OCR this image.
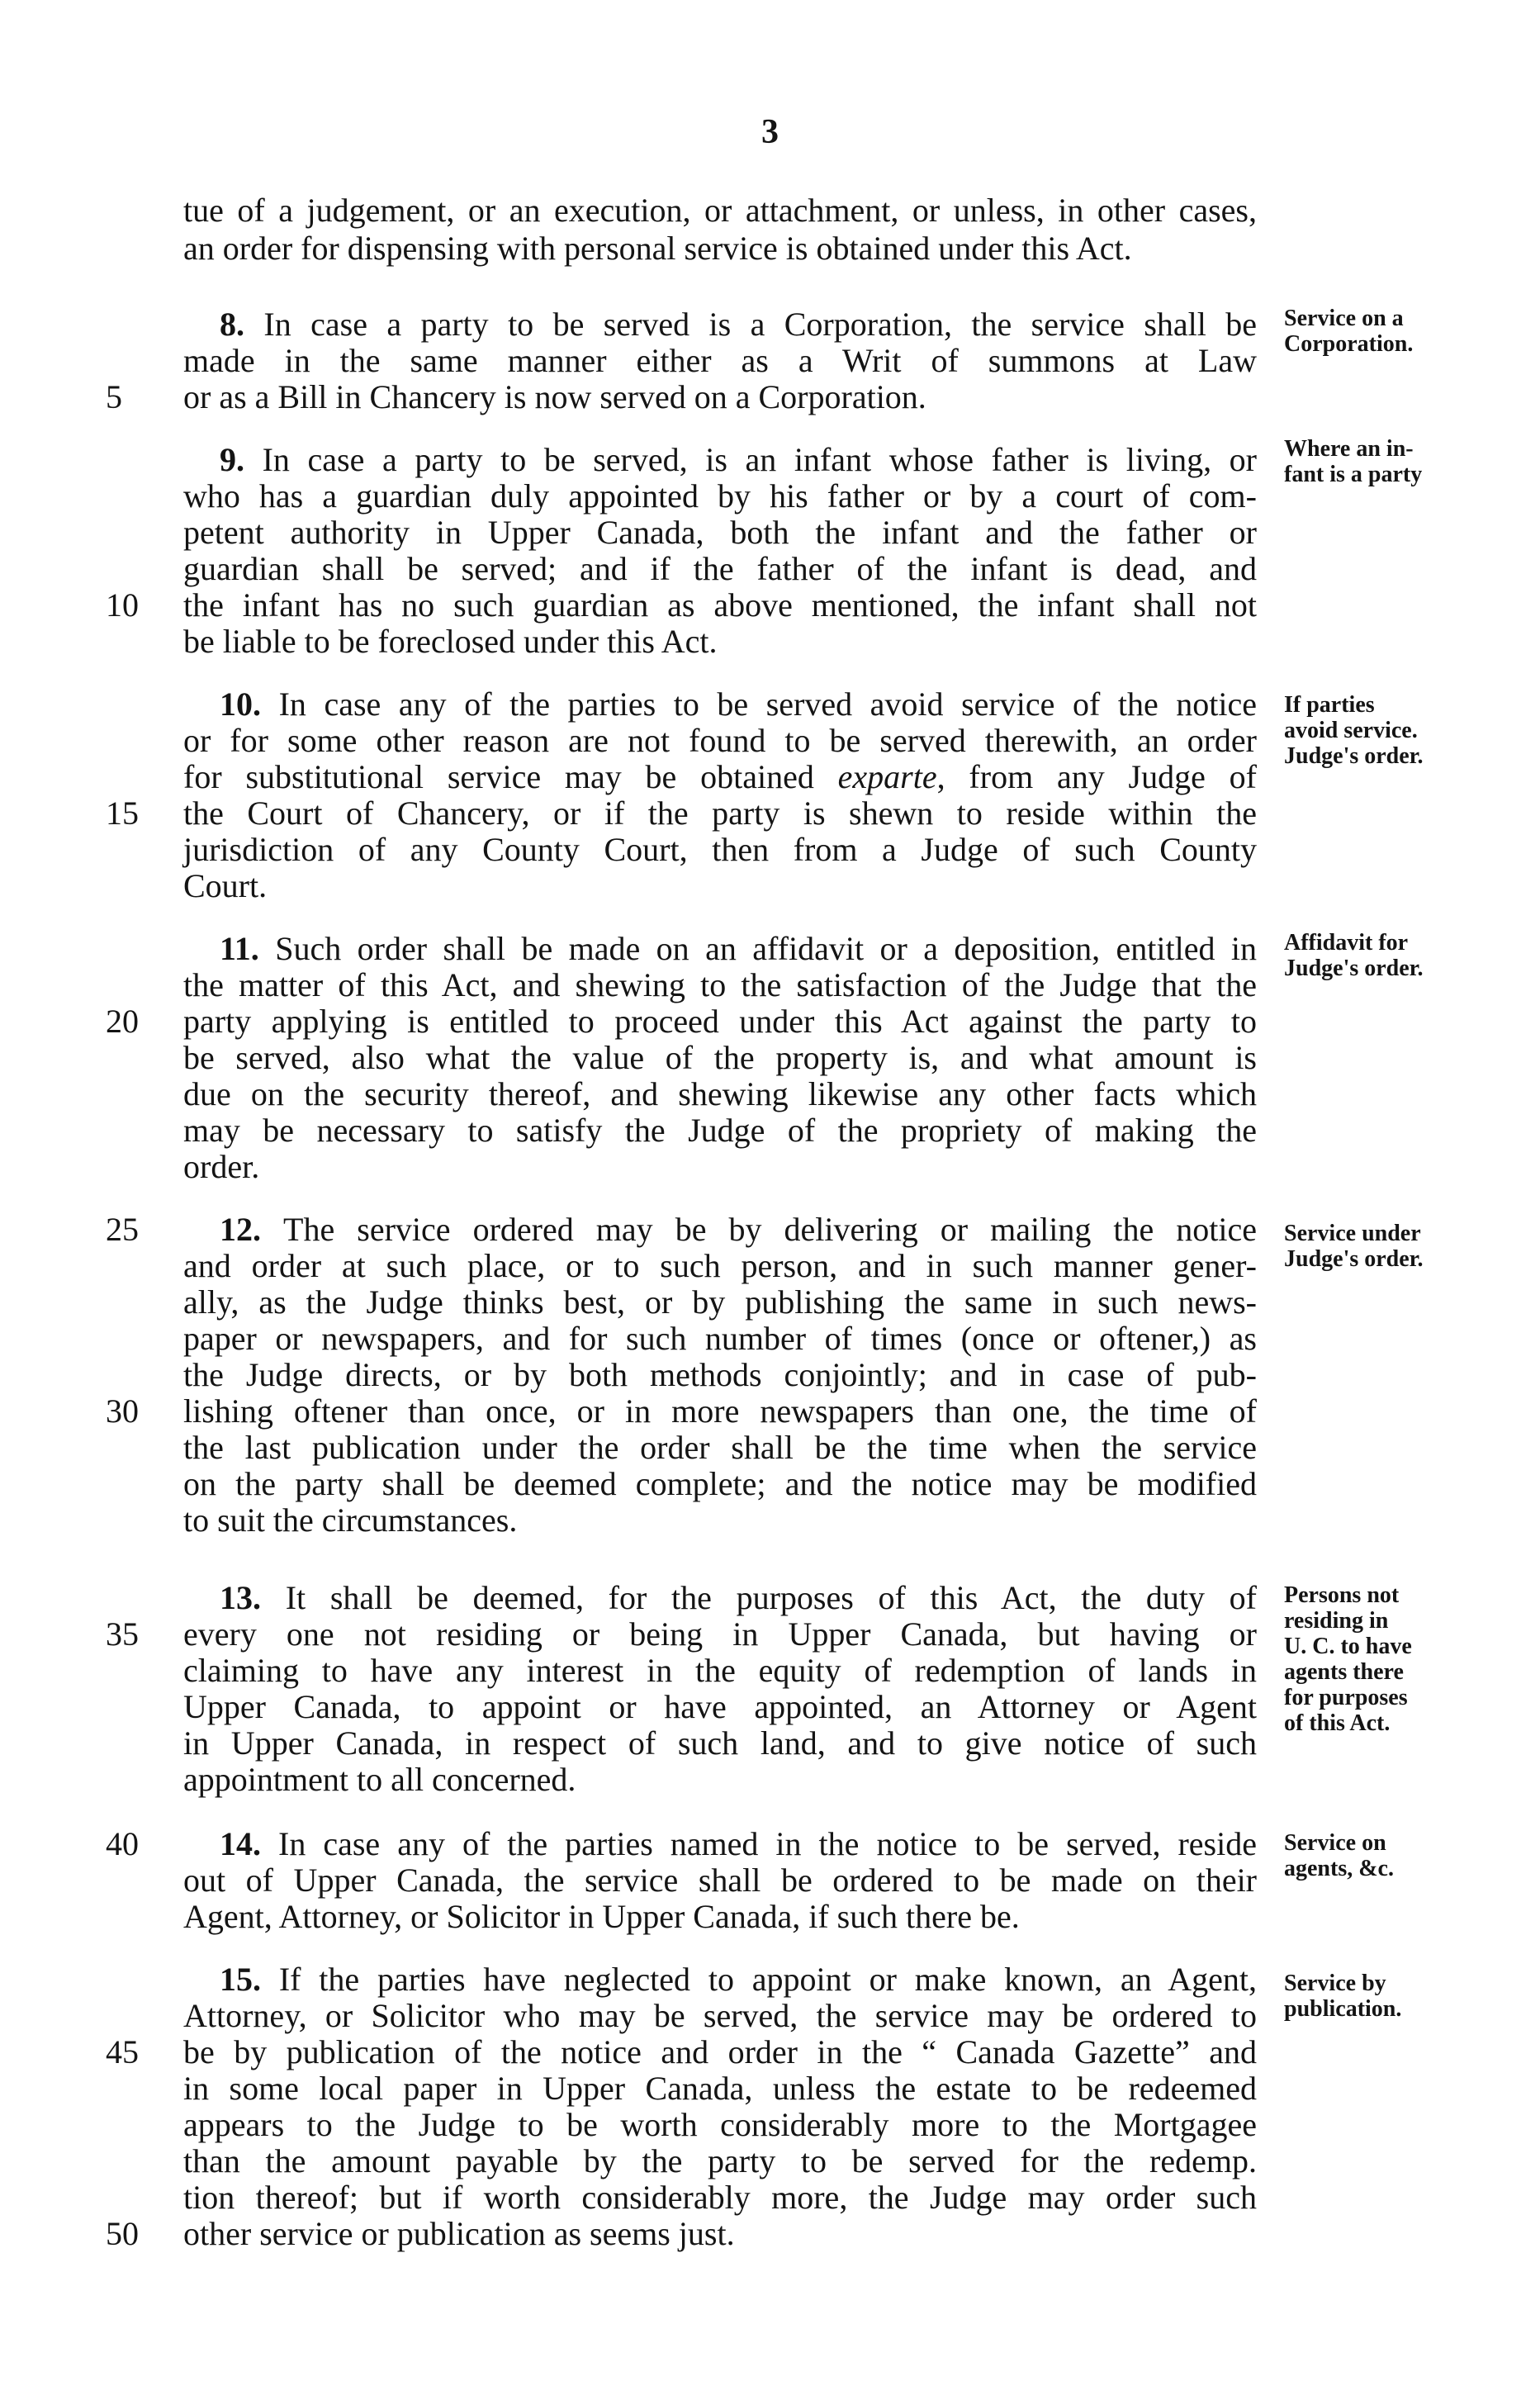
3
tue of a judgement, or an execution, or attachment, or unless, in other cases,
an order for dispensing with personal service is obtained under this Act.
8. In case a party to be served is a Corporation, the service shall be
made in the same manner either as a Writ of summons at Law
or as a Bill in Chancery is now served on a Corporation.
Service on a
Corporation.
9. In case a party to be served, is an infant whose father is living, or
who has a guardian duly appointed by his father or by a court of com-
petent authority in Upper Canada, both the infant and the father or
guardian shall be served; and if the father of the infant is dead, and
the infant has no such guardian as above mentioned, the infant shall not
be liable to be foreclosed under this Act.
Where an in-
fant is a party
10. In case any of the parties to be served avoid service of the notice
or for some other reason are not found to be served therewith, an order
for substitutional service may be obtained exparte, from any Judge of
the Court of Chancery, or if the party is shewn to reside within the
jurisdiction of any County Court, then from a Judge of such County
Court.
If parties
avoid service.
Judge's order.
11. Such order shall be made on an affidavit or a deposition, entitled in
the matter of this Act, and shewing to the satisfaction of the Judge that the
party applying is entitled to proceed under this Act against the party to
be served, also what the value of the property is, and what amount is
due on the security thereof, and shewing likewise any other facts which
may be necessary to satisfy the Judge of the propriety of making the
order.
Affidavit for
Judge's order.
12. The service ordered may be by delivering or mailing the notice
and order at such place, or to such person, and in such manner gener-
ally, as the Judge thinks best, or by publishing the same in such news-
paper or newspapers, and for such number of times (once or oftener,) as
the Judge directs, or by both methods conjointly; and in case of pub-
lishing oftener than once, or in more newspapers than one, the time of
the last publication under the order shall be the time when the service
on the party shall be deemed complete; and the notice may be modified
to suit the circumstances.
Service under
Judge's order.
13. It shall be deemed, for the purposes of this Act, the duty of
every one not residing or being in Upper Canada, but having or
claiming to have any interest in the equity of redemption of lands in
Upper Canada, to appoint or have appointed, an Attorney or Agent
in Upper Canada, in respect of such land, and to give notice of such
appointment to all concerned.
Persons not
residing in
U. C. to have
agents there
for purposes
of this Act.
14. In case any of the parties named in the notice to be served, reside
out of Upper Canada, the service shall be ordered to be made on their
Agent, Attorney, or Solicitor in Upper Canada, if such there be.
Service on
agents, &c.
15. If the parties have neglected to appoint or make known, an Agent,
Attorney, or Solicitor who may be served, the service may be ordered to
be by publication of the notice and order in the “ Canada Gazette” and
in some local paper in Upper Canada, unless the estate to be redeemed
appears to the Judge to be worth considerably more to the Mortgagee
than the amount payable by the party to be served for the redemp.
tion thereof; but if worth considerably more, the Judge may order such
other service or publication as seems just.
Service by
publication.
5
10
15
20
25
30
35
40
45
50
